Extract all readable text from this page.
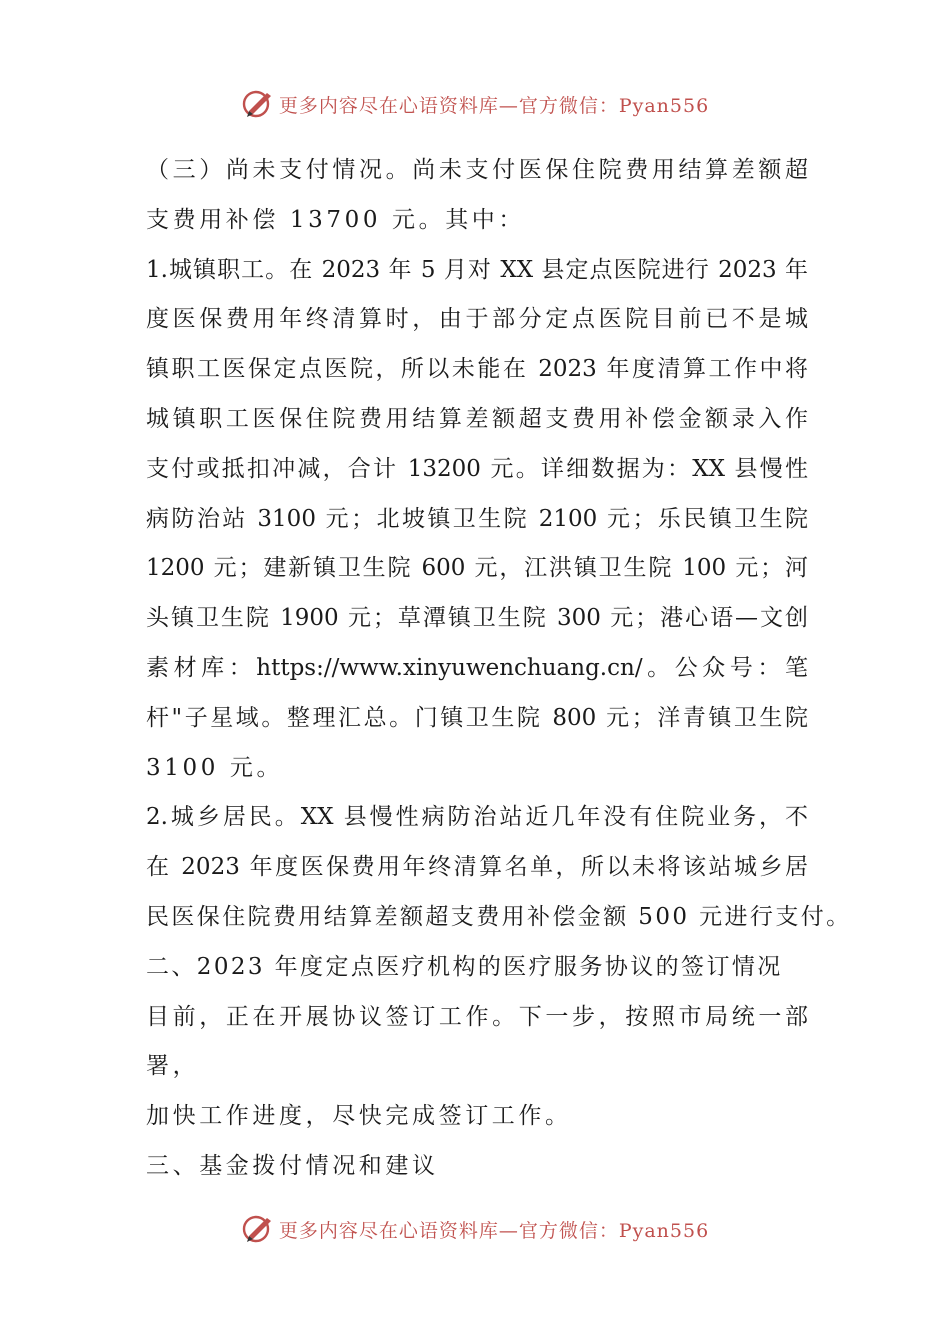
更多内容尽在心语资料库—官方微信：Pyan556
（三）尚未支付情况。尚未支付医保住院费用结算差额超
支费用补偿 13700 元。其中：
1.城镇职工。在 2023 年 5 月对 XX 县定点医院进行 2023 年
度医保费用年终清算时，由于部分定点医院目前已不是城
镇职工医保定点医院，所以未能在 2023 年度清算工作中将
城镇职工医保住院费用结算差额超支费用补偿金额录入作
支付或抵扣冲减，合计 13200 元。详细数据为：XX 县慢性
病防治站 3100 元；北坡镇卫生院 2100 元；乐民镇卫生院
1200 元；建新镇卫生院 600 元，江洪镇卫生院 100 元；河
头镇卫生院 1900 元；草潭镇卫生院 300 元；港心语—文创
素材库：https://www.xinyuwenchuang.cn/。公众号：笔
杆"子星域。整理汇总。门镇卫生院 800 元；洋青镇卫生院
3100 元。
2.城乡居民。XX 县慢性病防治站近几年没有住院业务，不
在 2023 年度医保费用年终清算名单，所以未将该站城乡居
民医保住院费用结算差额超支费用补偿金额 500 元进行支付。
二、2023 年度定点医疗机构的医疗服务协议的签订情况
目前，正在开展协议签订工作。下一步，按照市局统一部
署，
加快工作进度，尽快完成签订工作。
三、基金拨付情况和建议
更多内容尽在心语资料库—官方微信：Pyan556
